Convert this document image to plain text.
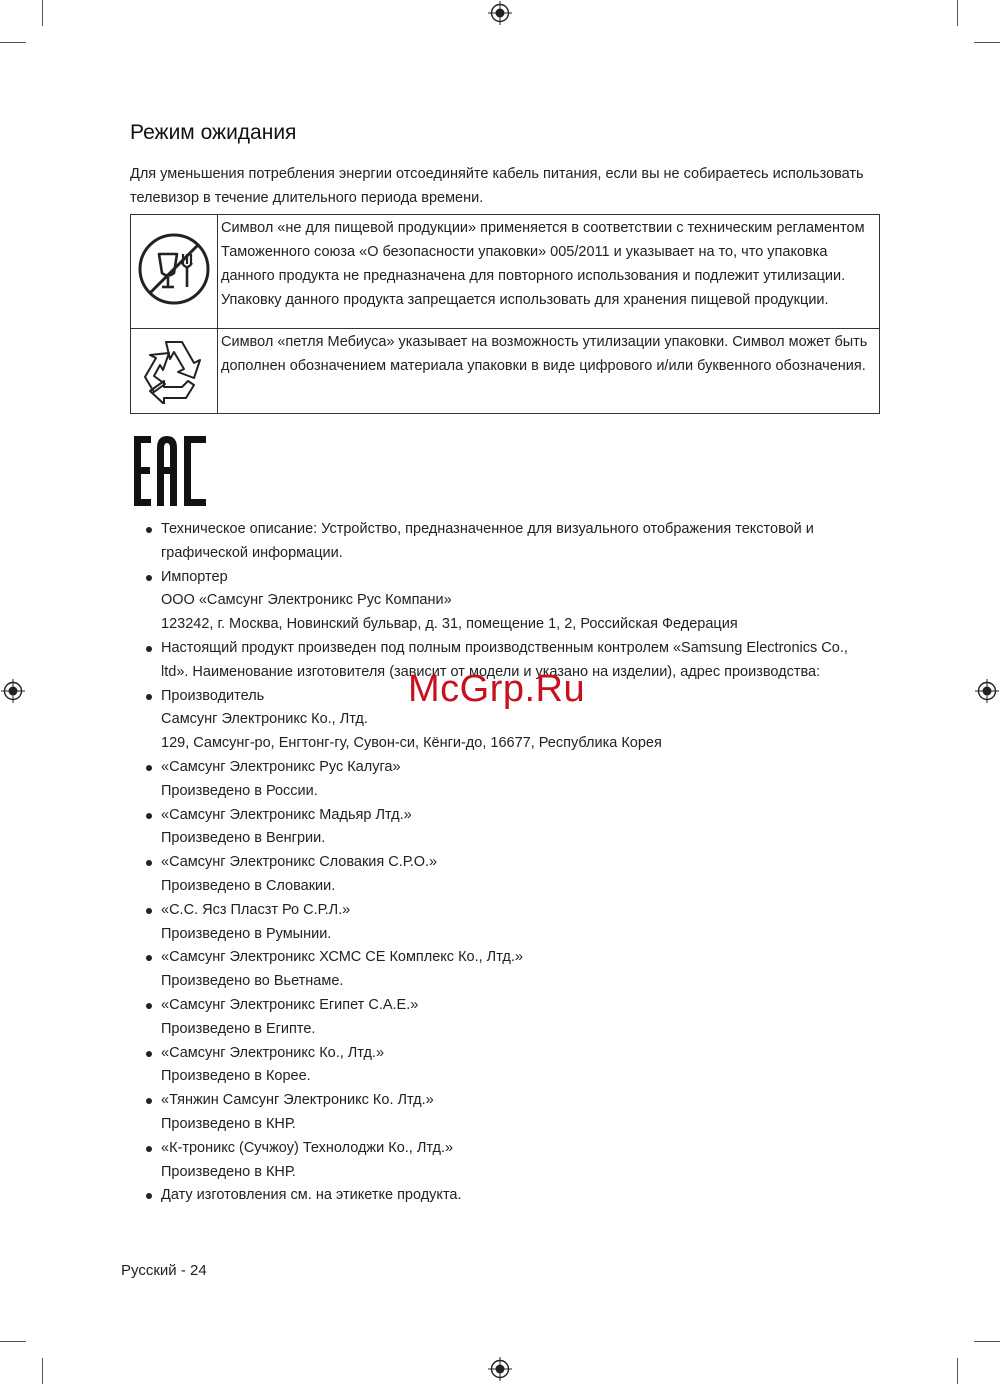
Режим ожидания
Для уменьшения потребления энергии отсоединяйте кабель питания, если вы не собираетесь использовать телевизор в течение длительного периода времени.
	Символ «не для пищевой продукции» применяется в соответствии с техническим регламентом Таможенного союза «О безопасности упаковки» 005/2011 и указывает на то, что упаковка данного продукта не предназначена для повторного использования и подлежит утилизации. Упаковку данного продукта запрещается использовать для хранения пищевой продукции.
	Символ «петля Мебиуса» указывает на возможность утилизации упаковки. Символ может быть дополнен обозначением материала упаковки в виде цифрового и/или буквенного обозначения.
Техническое описание: Устройство, предназначенное для визуального отображения текстовой и графической информации.
Импортер
ООО «Самсунг Электроникс Рус Компани»
123242, г. Москва, Новинский бульвар, д. 31, помещение 1, 2, Российская Федерация
Настоящий продукт произведен под полным производственным контролем «Samsung Electronics Co., ltd». Наименование изготовителя (зависит от модели и указано на изделии), адрес производства:
Производитель
Самсунг Электроникс Ко., Лтд.
129, Самсунг-ро, Енгтонг-гу, Сувон-си, Кёнги-до, 16677, Республика Корея
«Самсунг Электроникс Рус Калуга»
Произведено в России.
«Самсунг Электроникс Мадьяр Лтд.»
Произведено в Венгрии.
«Самсунг Электроникс Словакия С.Р.О.»
Произведено в Словакии.
«С.С. Ясз Пласзт Ро С.Р.Л.»
Произведено в Румынии.
«Самсунг Электроникс ХСМС СЕ Комплекс Ко., Лтд.»
Произведено во Вьетнаме.
«Самсунг Электроникс Египет С.А.Е.»
Произведено в Египте.
«Самсунг Электроникс Ко., Лтд.»
Произведено в Корее.
«Тянжин Самсунг Электроникс Ко. Лтд.»
Произведено в КНР.
«К-троникс (Сучжоу) Технолоджи Ко., Лтд.»
Произведено в КНР.
Дату изготовления см. на этикетке продукта.
McGrp.Ru
Русский - 24
